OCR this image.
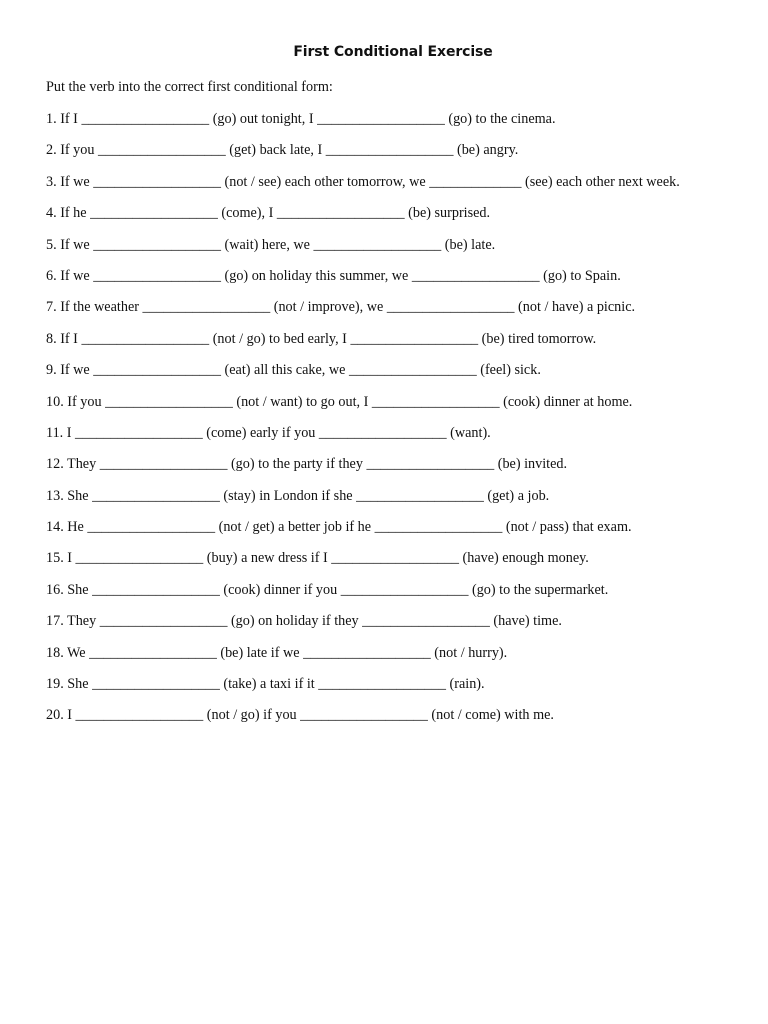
First Conditional Exercise
Put the verb into the correct first conditional form:
1. If I __________________ (go) out tonight, I __________________ (go) to the cinema.
2. If you __________________ (get) back late, I __________________ (be) angry.
3. If we __________________ (not / see) each other tomorrow, we _____________ (see) each other next week.
4. If he __________________ (come), I __________________ (be) surprised.
5. If we __________________ (wait) here, we __________________ (be) late.
6. If we __________________ (go) on holiday this summer, we __________________ (go) to Spain.
7. If the weather __________________ (not / improve), we __________________ (not / have) a picnic.
8. If I __________________ (not / go) to bed early, I __________________ (be) tired tomorrow.
9. If we __________________ (eat) all this cake, we __________________ (feel) sick.
10. If you __________________ (not / want) to go out, I __________________ (cook) dinner at home.
11. I __________________ (come) early if you __________________ (want).
12. They __________________ (go) to the party if they __________________ (be) invited.
13. She __________________ (stay) in London if she __________________ (get) a job.
14. He __________________ (not / get) a better job if he __________________ (not / pass) that exam.
15. I __________________ (buy) a new dress if I __________________ (have) enough money.
16. She __________________ (cook) dinner if you __________________ (go) to the supermarket.
17. They __________________ (go) on holiday if they __________________ (have) time.
18. We __________________ (be) late if we __________________ (not / hurry).
19. She __________________ (take) a taxi if it __________________ (rain).
20. I __________________ (not / go) if you __________________ (not / come) with me.
